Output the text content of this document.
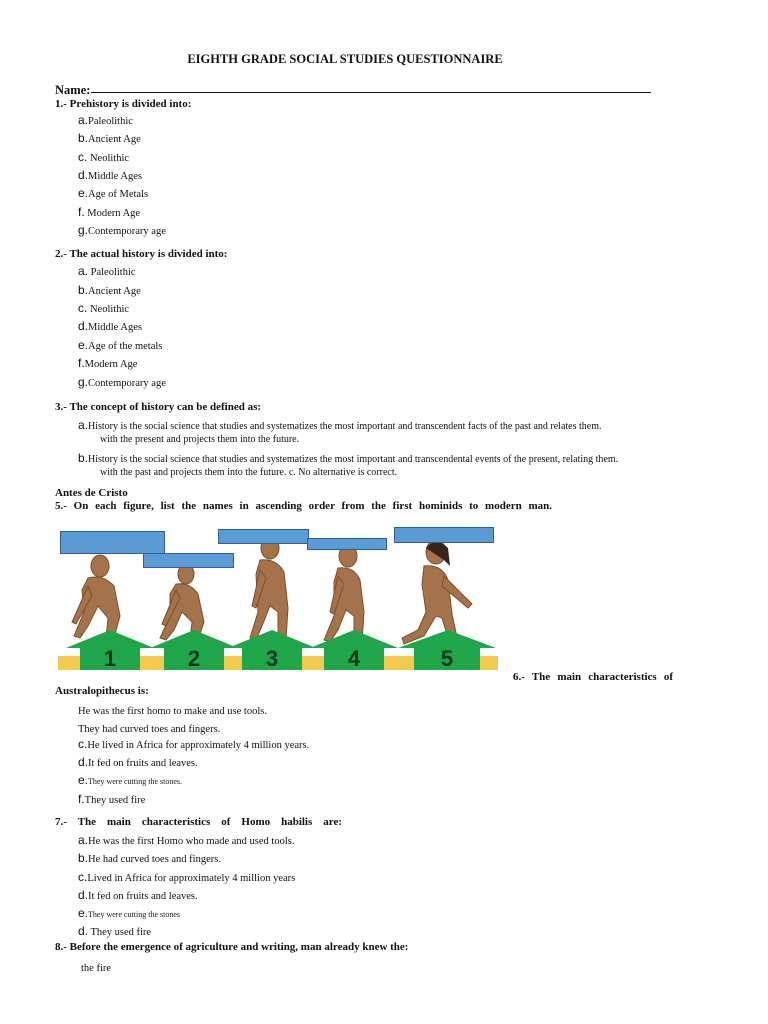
EIGHTH GRADE SOCIAL STUDIES QUESTIONNAIRE
Name:
1.- Prehistory is divided into:
a.Paleolithic
b.Ancient Age
c. Neolithic
d.Middle Ages
e.Age of Metals
f. Modern Age
g.Contemporary age
2.- The actual history is divided into:
a. Paleolithic
b.Ancient Age
c. Neolithic
d.Middle Ages
e.Age of the metals
f.Modern Age
g.Contemporary age
3.- The concept of history can be defined as:
a.History is the social science that studies and systematizes the most important and transcendent facts of the past and relates them.
with the present and projects them into the future.
b.History is the social science that studies and systematizes the most important and transcendental events of the present, relating them.
with the past and projects them into the future. c. No alternative is correct.
Antes de Cristo
5.- On each figure, list the names in ascending order from the first hominids to modern man.
1	2	3	4	5
6.- The main characteristics of
Australopithecus is:
He was the first homo to make and use tools.
They had curved toes and fingers.
c.He lived in Africa for approximately 4 million years.
d.It fed on fruits and leaves.
e.They were cutting the stones.
f.They used fire
7.- The main characteristics of Homo habilis are:
a.He was the first Homo who made and used tools.
b.He had curved toes and fingers.
c.Lived in Africa for approximately 4 million years
d.It fed on fruits and leaves.
e.They were cutting the stones
d. They used fire
8.- Before the emergence of agriculture and writing, man already knew the:
the fire
